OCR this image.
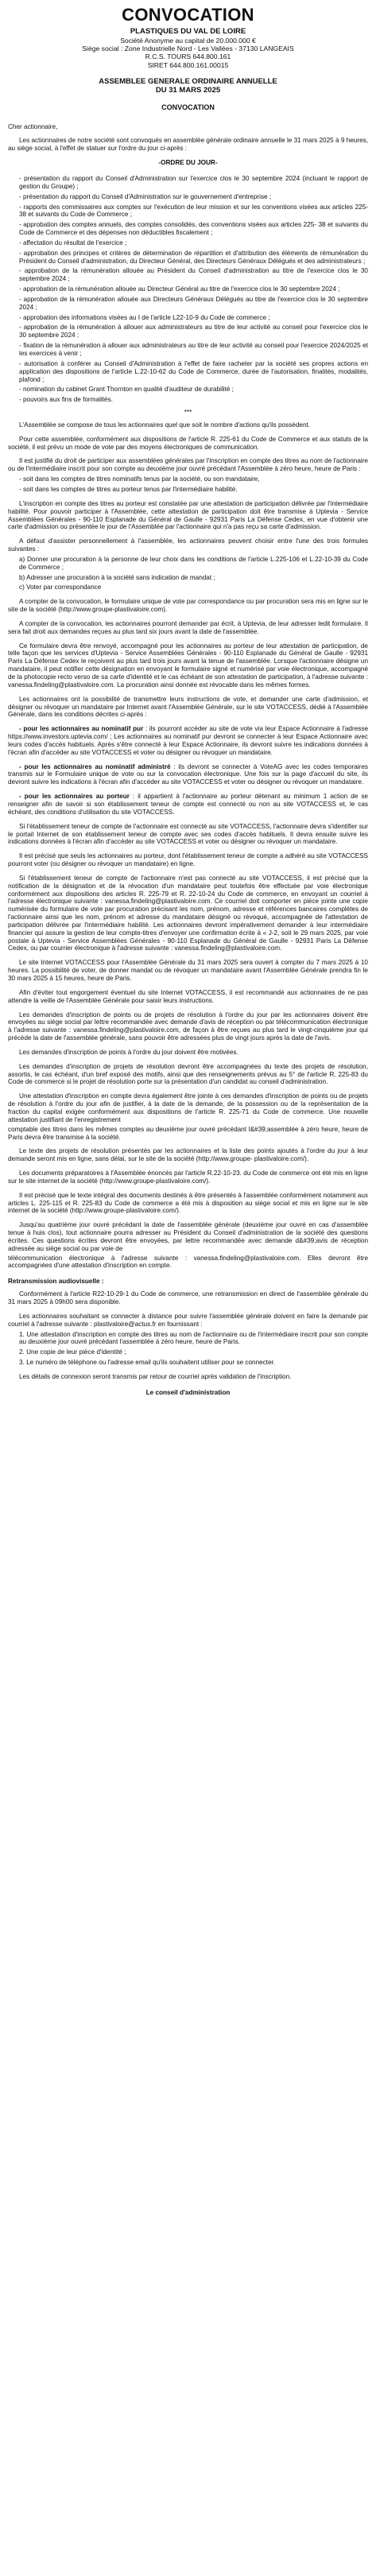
CONVOCATION
PLASTIQUES DU VAL DE LOIRE
Société Anonyme au capital de 20.000.000 €
Siège social : Zone Industrielle Nord - Les Vallées - 37130 LANGEAIS
R.C.S. TOURS 644.800.161
SIRET 644.800.161.00015
ASSEMBLEE GENERALE ORDINAIRE ANNUELLE
DU 31 MARS 2025
CONVOCATION

Cher actionnaire,

Les actionnaires de notre société sont convoqués en assemblée générale ordinaire annuelle le 31 mars 2025 à 9 heures, au siège social, à l'effet de statuer sur l'ordre du jour ci-après :

-ORDRE DU JOUR-

- présentation du rapport du Conseil d'Administration sur l'exercice clos le 30 septembre 2024 (incluant le rapport de gestion du Groupe) ;

- présentation du rapport du Conseil d'Administration sur le gouvernement d'entreprise ;

- rapports des commissaires aux comptes sur l'exécution de leur mission et sur les conventions visées aux articles 225-38 et suivants du Code de Commerce ;

- approbation des comptes annuels, des comptes consolidés, des conventions visées aux articles 225- 38 et suivants du Code de Commerce et des dépenses non déductibles fiscalement ;

- affectation du résultat de l'exercice ;

- approbation des principes et critères de détermination de répartition et d'attribution des éléments de rémunération du Président du Conseil d'administration, du Directeur Général, des Directeurs Généraux Délégués et des administrateurs ;

- approbation de la rémunération allouée au Président du Conseil d'administration au titre de l'exercice clos le 30 septembre 2024 ;

- approbation de la rémunération allouée au Directeur Général au titre de l'exercice clos le 30 septembre 2024 ;

- approbation de la rémunération allouée aux Directeurs Généraux Délégués au titre de l'exercice clos le 30 septembre 2024 ;

- approbation des informations visées au I de l'article L22-10-9 du Code de commerce ;

- approbation de la rémunération à allouer aux administrateurs au titre de leur activité au conseil pour l'exercice clos le 30 septembre 2024 ;

- fixation de la rémunération à allouer aux administrateurs au titre de leur activité au conseil pour l'exercice 2024/2025 et les exercices à venir ;

- autorisation à conférer au Conseil d'Administration à l'effet de faire racheter par la société ses propres actions en application des dispositions de l'article L.22-10-62 du Code de Commerce, durée de l'autorisation, finalités, modalités, plafond ;

- nomination du cabinet Grant Thornton en qualité d'auditeur de durabilité ;

- pouvoirs aux fins de formalités.

***

L'Assemblée se compose de tous les actionnaires quel que soit le nombre d'actions qu'ils possèdent.

Pour cette assemblée, conformément aux dispositions de l'article R. 225-61 du Code de Commerce et aux statuts de la société, il est prévu un mode de vote par des moyens électroniques de communication.

Il est justifié du droit de participer aux assemblées générales par l'inscription en compte des titres au nom de l'actionnaire ou de l'intermédiaire inscrit pour son compte au deuxième jour ouvré précédant l'Assemblée à zéro heure, heure de Paris :

- soit dans les comptes de titres nominatifs tenus par la société, ou son mandataire,

- soit dans les comptes de titres au porteur tenus par l'intermédiaire habilité.

L'inscription en compte des titres au porteur est constatée par une attestation de participation délivrée par l'intermédiaire habilité. Pour pouvoir participer à l'Assemblée, cette attestation de participation doit être transmise à Uptevia - Service Assemblées Générales - 90-110 Esplanade du Général de Gaulle - 92931 Paris La Défense Cedex, en vue d'obtenir une carte d'admission ou présentée le jour de l'Assemblée par l'actionnaire qui n'a pas reçu sa carte d'admission.

A défaut d'assister personnellement à l'assemblée, les actionnaires peuvent choisir entre l'une des trois formules suivantes :

a) Donner une procuration à la personne de leur choix dans les conditions de l'article L.225-106 et L.22-10-39 du Code de Commerce ;

b) Adresser une procuration à la société sans indication de mandat ;

c) Voter par correspondance

A compter de la convocation, le formulaire unique de vote par correspondance ou par procuration sera mis en ligne sur le site de la société (http://www.groupe-plastivaloire.com).

A compter de la convocation, les actionnaires pourront demander par écrit, à Uptevia, de leur adresser ledit formulaire. Il sera fait droit aux demandes reçues au plus tard six jours avant la date de l'assemblée.

Ce formulaire devra être renvoyé, accompagné pour les actionnaires au porteur de leur attestation de participation, de telle façon que les services d'Uptevia - Service Assemblées Générales - 90-110 Esplanade du Général de Gaulle - 92931 Paris La Défense Cedex le reçoivent au plus tard trois jours avant la tenue de l'assemblée. Lorsque l'actionnaire désigne un mandataire, il peut notifier cette désignation en envoyant le formulaire signé et numérisé par voie électronique, accompagné de la photocopie recto verso de sa carte d'identité et le cas échéant de son attestation de participation, à l'adresse suivante : vanessa.findeling@plastivaloire.com. La procuration ainsi donnée est révocable dans les mêmes formes.

Les actionnaires ont la possibilité de transmettre leurs instructions de vote, et demander une carte d'admission, et désigner ou révoquer un mandataire par Internet avant l'Assemblée Générale, sur le site VOTACCESS, dédié à l'Assemblée Générale, dans les conditions décrites ci-après :

- pour les actionnaires au nominatif pur : ils pourront accéder au site de vote via leur Espace Actionnaire à l'adresse https://www.investors.uptevia.com/ ; Les actionnaires au nominatif pur devront se connecter à leur Espace Actionnaire avec leurs codes d'accès habituels. Après s'être connecté à leur Espace Actionnaire, ils devront suivre les indications données à l'écran afin d'accéder au site VOTACCESS et voter ou désigner ou révoquer un mandataire.

- pour les actionnaires au nominatif administré : ils devront se connecter à VoteAG avec les codes temporaires transmis sur le Formulaire unique de vote ou sur la convocation électronique. Une fois sur la page d'accueil du site, ils devront suivre les indications à l'écran afin d'accéder au site VOTACCESS et voter ou désigner ou révoquer un mandataire.

- pour les actionnaires au porteur : il appartient à l'actionnaire au porteur détenant au minimum 1 action de se renseigner afin de savoir si son établissement teneur de compte est connecté ou non au site VOTACCESS et, le cas échéant, des conditions d'utilisation du site VOTACCESS.

Si l'établissement teneur de compte de l'actionnaire est connecté au site VOTACCESS, l'actionnaire devra s'identifier sur le portail Internet de son établissement teneur de compte avec ses codes d'accès habituels. Il devra ensuite suivre les indications données à l'écran afin d'accéder au site VOTACCESS et voter ou désigner ou révoquer un mandataire.

Il est précisé que seuls les actionnaires au porteur, dont l'établissement teneur de compte a adhéré au site VOTACCESS pourront voter (ou désigner ou révoquer un mandataire) en ligne.

Si l'établissement teneur de compte de l'actionnaire n'est pas connecté au site VOTACCESS, il est précisé que la notification de la désignation et de la révocation d'un mandataire peut toutefois être effectuée par voie électronique conformément aux dispositions des articles R. 225-79 et R. 22-10-24 du Code de commerce, en envoyant un courriel à l'adresse électronique suivante : vanessa.findeling@plastivaloire.com. Ce courriel doit comporter en pièce jointe une copie numérisée du formulaire de vote par procuration précisant les nom, prénom, adresse et références bancaires complètes de l'actionnaire ainsi que les nom, prénom et adresse du mandataire désigné ou révoqué, accompagnée de l'attestation de participation délivrée par l'intermédiaire habilité. Les actionnaires devront impérativement demander à leur intermédiaire financier qui assure la gestion de leur compte-titres d'envoyer une confirmation écrite à « J-2, soit le 29 mars 2025, par voie postale à Uptevia - Service Assemblées Générales - 90-110 Esplanade du Général de Gaulle - 92931 Paris La Défense Cedex, ou par courrier électronique à l'adresse suivante : vanessa.findeling@plastivaloire.com.

Le site Internet VOTACCESS pour l'Assemblée Générale du 31 mars 2025 sera ouvert à compter du 7 mars 2025 à 10 heures. La possibilité de voter, de donner mandat ou de révoquer un mandataire avant l'Assemblée Générale prendra fin le 30 mars 2025 à 15 heures, heure de Paris.

Afin d'éviter tout engorgement éventuel du site Internet VOTACCESS, il est recommandé aux actionnaires de ne pas attendre la veille de l'Assemblée Générale pour saisir leurs instructions.

Les demandes d'inscription de points ou de projets de résolution à l'ordre du jour par les actionnaires doivent être envoyées au siège social par lettre recommandée avec demande d'avis de réception ou par télécommunication électronique à l'adresse suivante : vanessa.findeling@plastivaloire.com, de façon à être reçues au plus tard le vingt-cinquième jour qui précède la date de l'assemblée générale, sans pouvoir être adressées plus de vingt jours après la date de l'avis.

Les demandes d'inscription de points à l'ordre du jour doivent être motivées.

Les demandes d'inscription de projets de résolution devront être accompagnées du texte des projets de résolution, assortis, le cas échéant, d'un bref exposé des motifs, ainsi que des renseignements prévus au 5° de l'article R. 225-83 du Code de commerce si le projet de résolution porte sur la présentation d'un candidat au conseil d'administration.

Une attestation d'inscription en compte devra également être jointe à ces demandes d'inscription de points ou de projets de résolution à l'ordre du jour afin de justifier, à la date de la demande, de la possession ou de la représentation de la fraction du capital exigée conformément aux dispositions de l'article R. 225-71 du Code de commerce. Une nouvelle attestation justifiant de l'enregistrement

comptable des titres dans les mêmes comptes au deuxième jour ouvré précédant l&#39;assemblée à zéro heure, heure de Paris devra être transmise à la société.

Le texte des projets de résolution présentés par les actionnaires et la liste des points ajoutés à l'ordre du jour à leur demande seront mis en ligne, sans délai, sur le site de la société (http://www.groupe- plastivaloire.com/).

Les documents préparatoires à l'Assemblée énoncés par l'article R.22-10-23. du Code de commerce ont été mis en ligne sur le site internet de la société (http://www.groupe-plastivaloire.com/).

Il est précisé que le texte intégral des documents destinés à être présentés à l'assemblée conformément notamment aux articles L. 225-115 et R. 225-83 du Code de commerce a été mis à disposition au siège social et mis en ligne sur le site internet de la société (http://www.groupe-plastivaloire.com/).

Jusqu'au quatrième jour ouvré précédant la date de l'assemblée générale (deuxième jour ouvré en cas d'assemblée tenue à huis clos), tout actionnaire pourra adresser au Président du Conseil d'administration de la société des questions écrites. Ces questions écrites devront être envoyées, par lettre recommandée avec demande d&#39;avis de réception adressée au siège social ou par voie de

télécommunication électronique à l'adresse suivante : vanessa.findeling@plastivaloire.com. Elles devront être accompagnées d'une attestation d'inscription en compte.

Retransmission audiovisuelle :

Conformément à l'article R22-10-29-1 du Code de commerce, une retransmission en direct de l'assemblée générale du 31 mars 2025 à 09h00 sera disponible.

Les actionnaires souhaitant se connecter à distance pour suivre l'assemblée générale doivent en faire la demande par courriel à l'adresse suivante : plastivaloire@actus.fr en fournissant :

1. Une attestation d'inscription en compte des titres au nom de l'actionnaire ou de l'intermédiaire inscrit pour son compte au deuxième jour ouvré précédant l'assemblée à zéro heure, heure de Paris.

2. Une copie de leur pièce d'identité ;

3. Le numéro de téléphone ou l'adresse email qu'ils souhaitent utiliser pour se connecter.

Les détails de connexion seront transmis par retour de courriel après validation de l'inscription.

Le conseil d'administration
